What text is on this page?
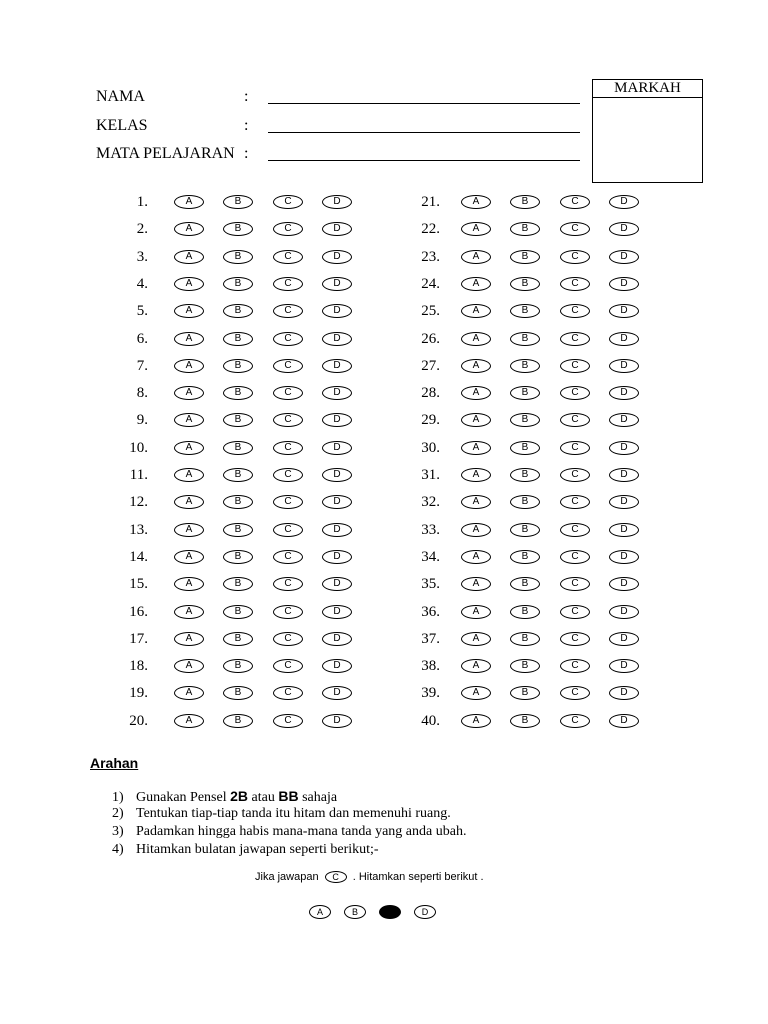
NAMA	:
KELAS	:
MATA PELAJARAN :
MARKAH
1.	A	B	C	D
2.	A	B	C	D
3.	A	B	C	D
4.	A	B	C	D
5.	A	B	C	D
6.	A	B	C	D
7.	A	B	C	D
8.	A	B	C	D
9.	A	B	C	D
10.	A	B	C	D
11.	A	B	C	D
12.	A	B	C	D
13.	A	B	C	D
14.	A	B	C	D
15.	A	B	C	D
16.	A	B	C	D
17.	A	B	C	D
18.	A	B	C	D
19.	A	B	C	D
20.	A	B	C	D
21.	A	B	C	D
22.	A	B	C	D
23.	A	B	C	D
24.	A	B	C	D
25.	A	B	C	D
26.	A	B	C	D
27.	A	B	C	D
28.	A	B	C	D
29.	A	B	C	D
30.	A	B	C	D
31.	A	B	C	D
32.	A	B	C	D
33.	A	B	C	D
34.	A	B	C	D
35.	A	B	C	D
36.	A	B	C	D
37.	A	B	C	D
38.	A	B	C	D
39.	A	B	C	D
40.	A	B	C	D
Arahan
1) Gunakan Pensel 2B atau BB sahaja
2) Tentukan tiap-tiap tanda itu hitam dan memenuhi ruang.
3) Padamkan hingga habis mana-mana tanda yang anda ubah.
4) Hitamkan bulatan jawapan seperti berikut;-
Jika jawapan C . Hitamkan seperti berikut .
A	B	D
